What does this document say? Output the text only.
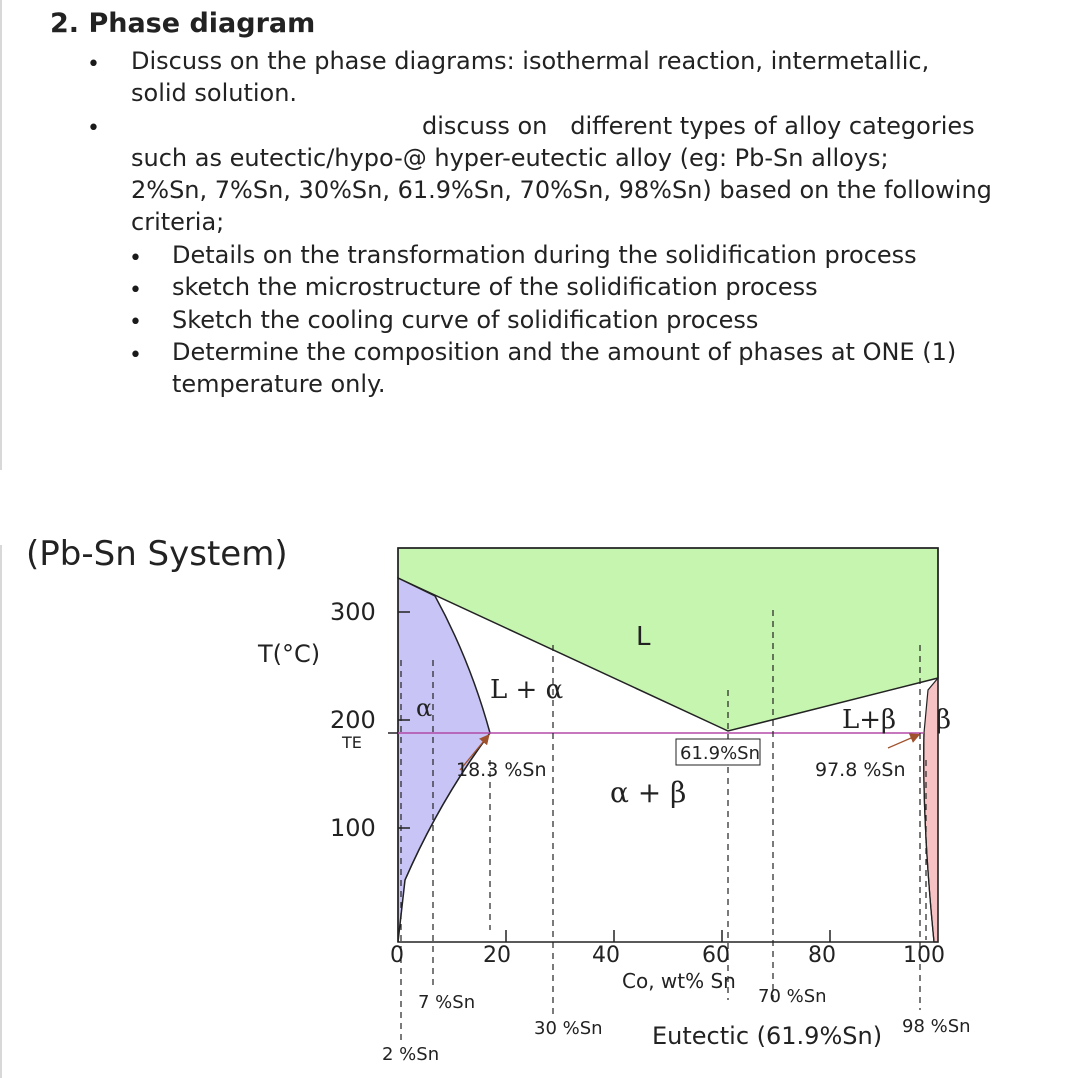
2. Phase diagram
• Discuss on the phase diagrams: isothermal reaction, intermetallic,
solid solution.
•	discuss on   different types of alloy categories
such as eutectic/hypo-@ hyper-eutectic alloy (eg: Pb-Sn alloys;
2%Sn, 7%Sn, 30%Sn, 61.9%Sn, 70%Sn, 98%Sn) based on the following
criteria;
• Details on the transformation during the solidification process
• sketch the microstructure of the solidification process
• Sketch the cooling curve of solidification process
• Determine the composition and the amount of phases at ONE (1)
temperature only.
(Pb-Sn System)
T(°C)
300
200
TE
100
0	20	40	60	80	100
Co, wt% Sn
L
α
L + α
L+β β
α + β
18.3 %Sn
61.9%Sn
97.8 %Sn
7 %Sn
2 %Sn
30 %Sn
70 %Sn
98 %Sn
Eutectic (61.9%Sn)
